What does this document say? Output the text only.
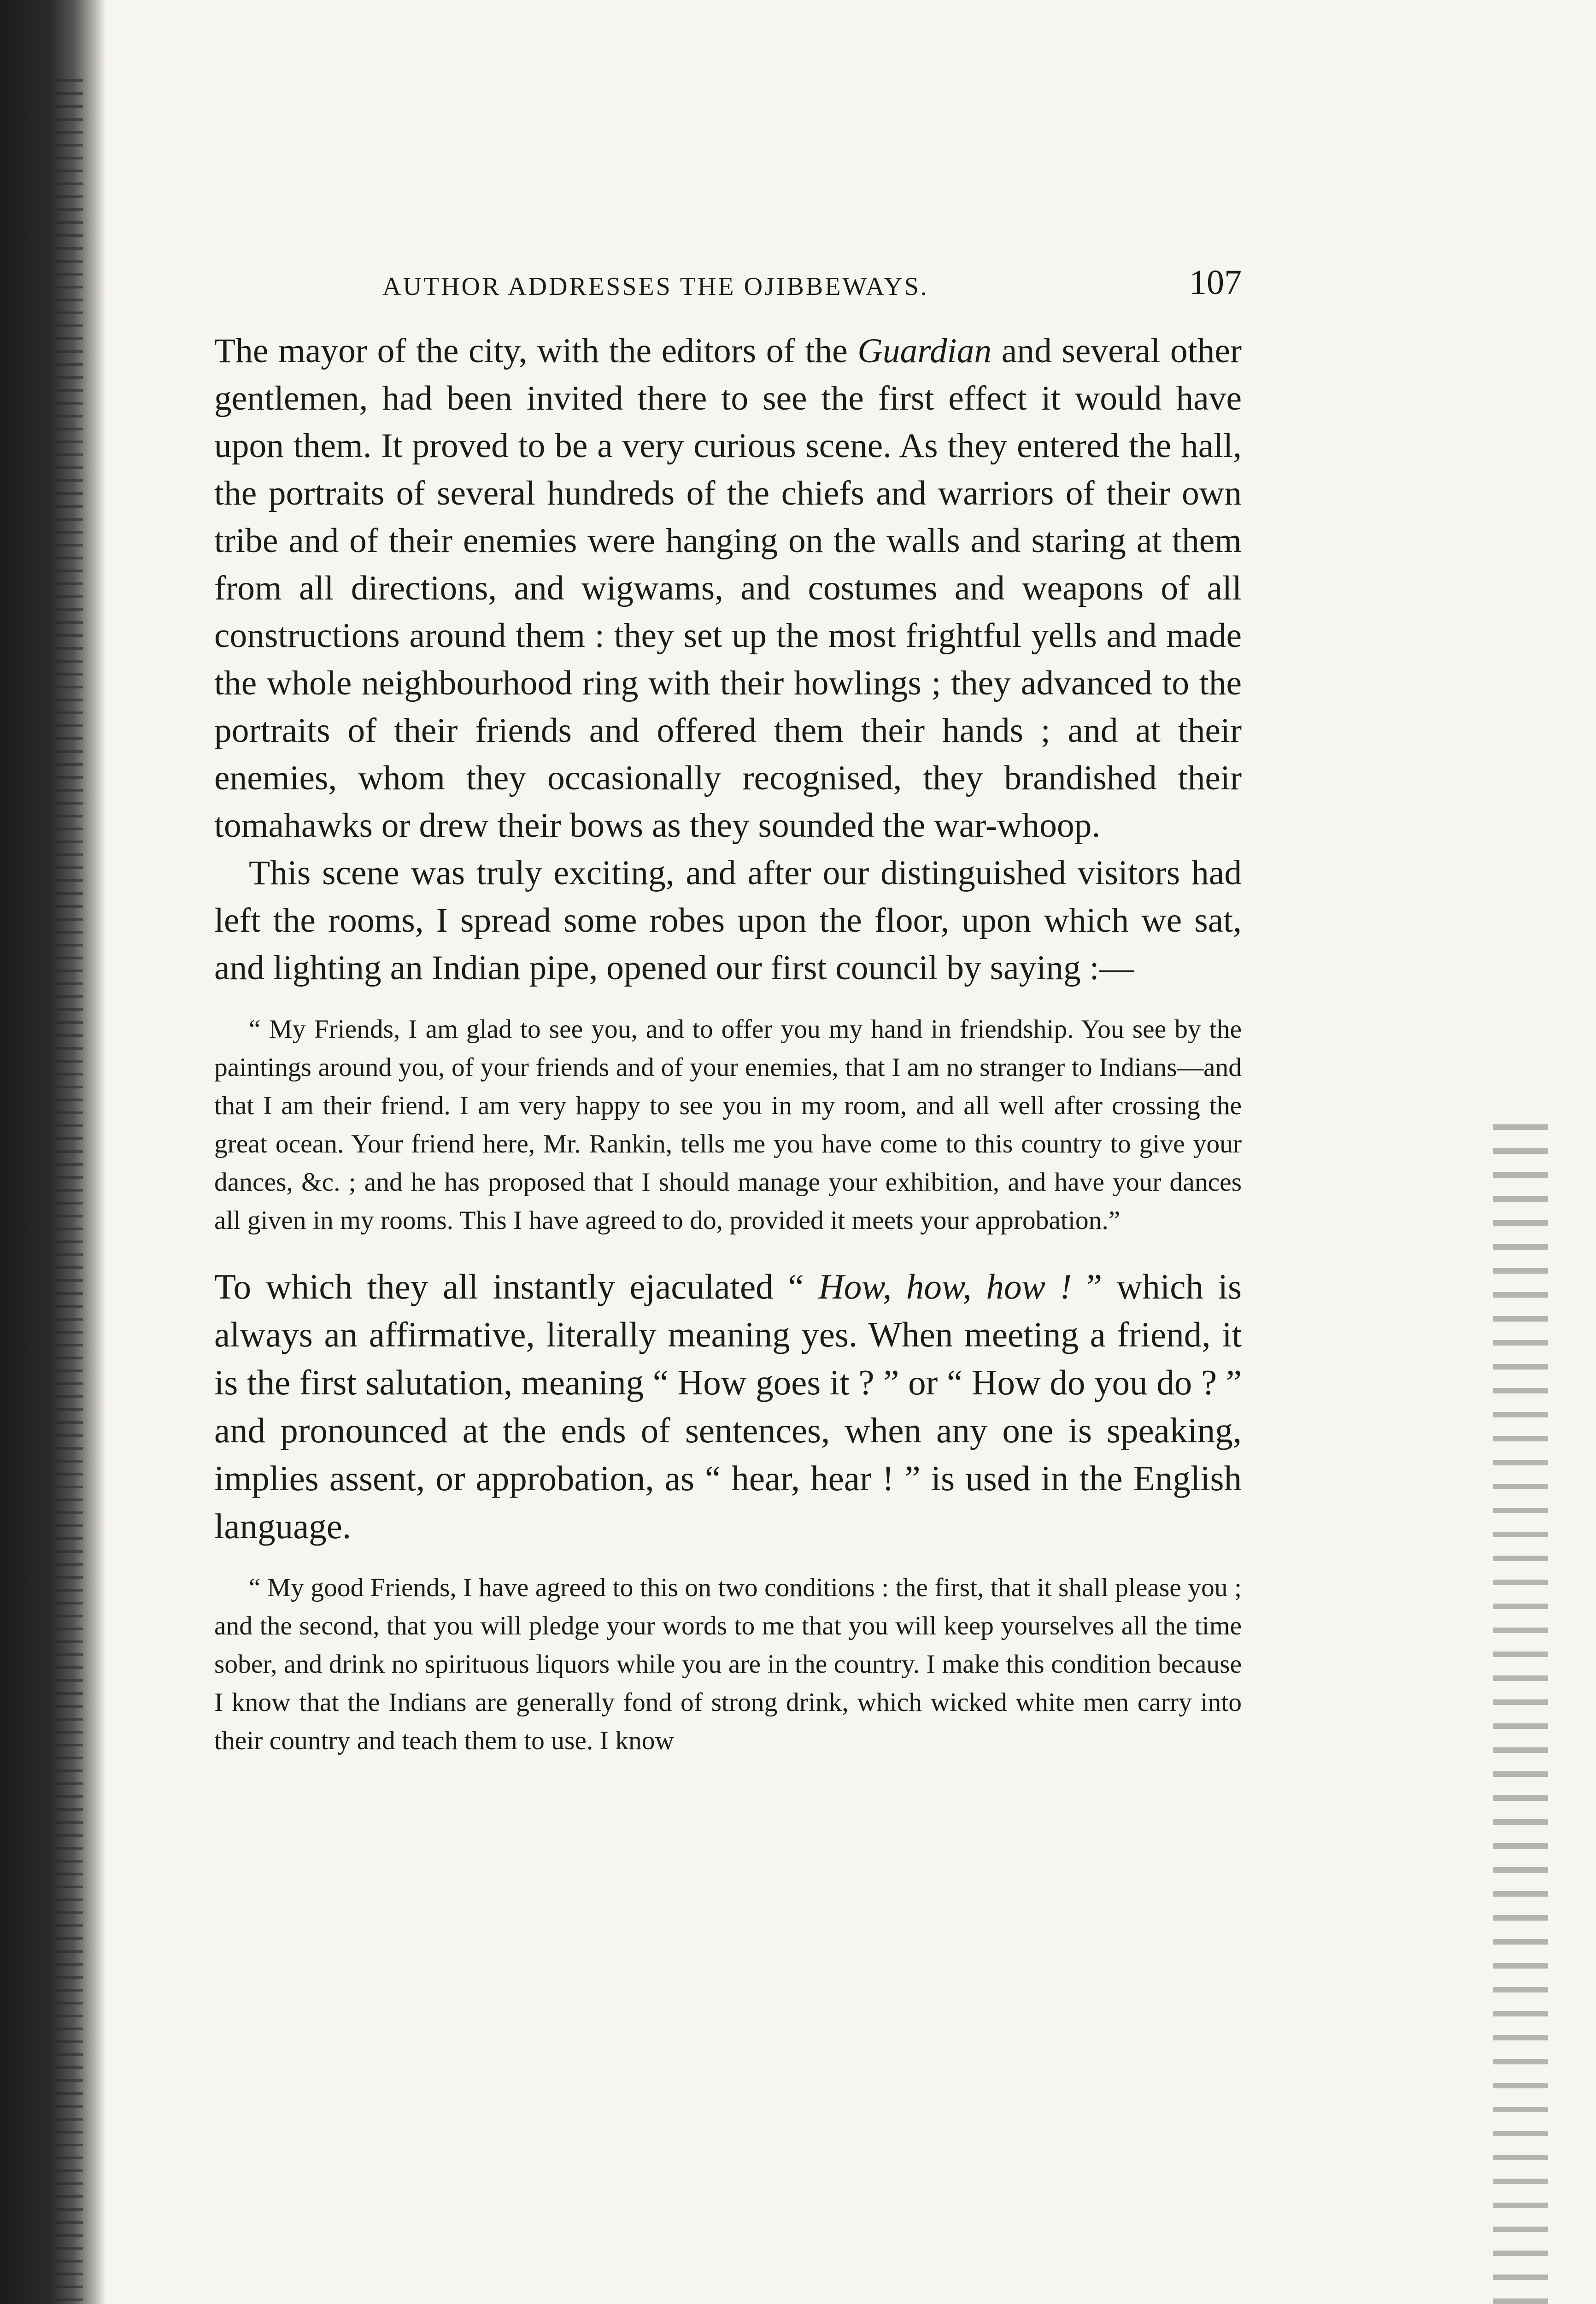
AUTHOR ADDRESSES THE OJIBBEWAYS.	107

The mayor of the city, with the editors of the Guardian and several other gentlemen, had been invited there to see the first effect it would have upon them. It proved to be a very curious scene. As they entered the hall, the portraits of several hundreds of the chiefs and warriors of their own tribe and of their enemies were hanging on the walls and staring at them from all directions, and wigwams, and costumes and weapons of all constructions around them : they set up the most frightful yells and made the whole neighbourhood ring with their howlings ; they advanced to the portraits of their friends and offered them their hands ; and at their enemies, whom they occasionally recognised, they brandished their tomahawks or drew their bows as they sounded the war-whoop.

This scene was truly exciting, and after our distinguished visitors had left the rooms, I spread some robes upon the floor, upon which we sat, and lighting an Indian pipe, opened our first council by saying :—

“ My Friends, I am glad to see you, and to offer you my hand in friendship. You see by the paintings around you, of your friends and of your enemies, that I am no stranger to Indians—and that I am their friend. I am very happy to see you in my room, and all well after crossing the great ocean. Your friend here, Mr. Rankin, tells me you have come to this country to give your dances, &c. ; and he has proposed that I should manage your exhibition, and have your dances all given in my rooms. This I have agreed to do, provided it meets your approbation.”

To which they all instantly ejaculated “ How, how, how ! ” which is always an affirmative, literally meaning yes. When meeting a friend, it is the first salutation, meaning “ How goes it ? ” or “ How do you do ? ” and pronounced at the ends of sentences, when any one is speaking, implies assent, or approbation, as “ hear, hear ! ” is used in the English language.

“ My good Friends, I have agreed to this on two conditions : the first, that it shall please you ; and the second, that you will pledge your words to me that you will keep yourselves all the time sober, and drink no spirituous liquors while you are in the country. I make this condition because I know that the Indians are generally fond of strong drink, which wicked white men carry into their country and teach them to use. I know
